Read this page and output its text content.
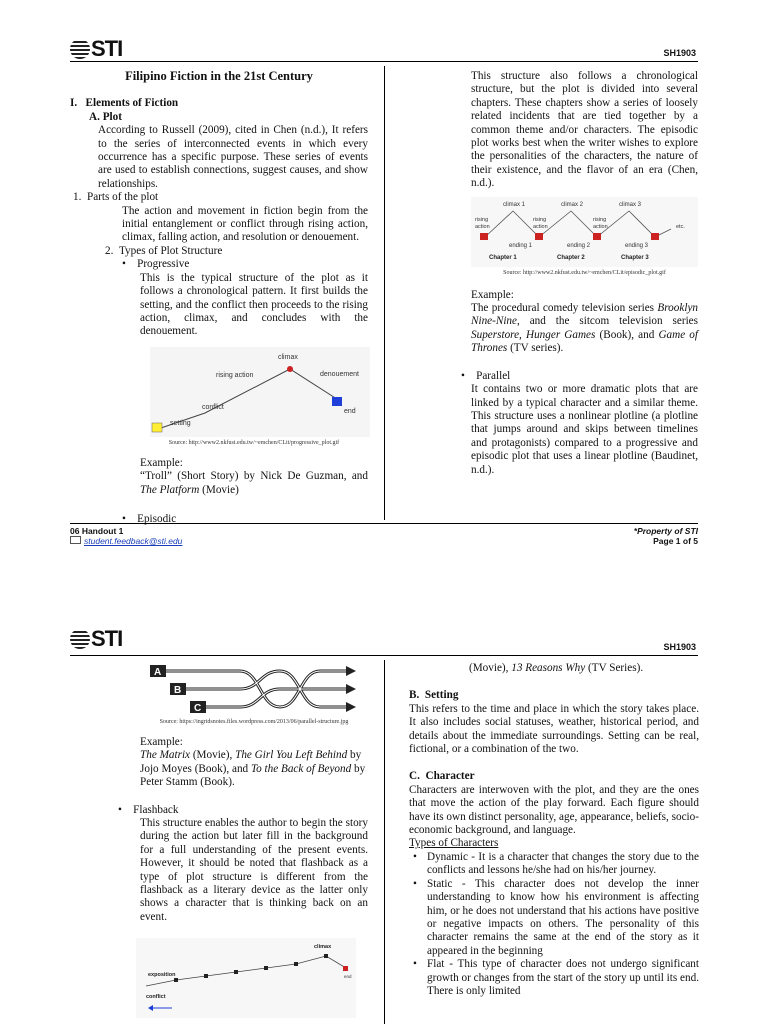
STI	SH1903

Filipino Fiction in the 21st Century

I. Elements of Fiction

A. Plot

According to Russell (2009), cited in Chen (n.d.), It refers to the series of interconnected events in which every occurrence has a specific purpose. These series of events are used to establish connections, suggest causes, and show relationships.

1. Parts of the plot

The action and movement in fiction begin from the initial entanglement or conflict through rising action, climax, falling action, and resolution or denouement.

2. Types of Plot Structure

• Progressive

This is the typical structure of the plot as it follows a chronological pattern. It first builds the setting, and the conflict then proceeds to the rising action, climax, and concludes with the denouement.

climax
rising action	denouement
end
conflict
setting

Source: http://www2.nkfust.edu.tw/~emchen/CLit/progressive_plot.gif

Example:

“Troll” (Short Story) by Nick De Guzman, and The Platform (Movie)

• Episodic

This structure also follows a chronological structure, but the plot is divided into several chapters. These chapters show a series of loosely related incidents that are tied together by a common theme and/or characters. The episodic plot works best when the writer wishes to explore the personalities of the characters, the nature of their existence, and the flavor of an era (Chen, n.d.).

climax 1	climax 2	climax 3
rising
action
rising
action
rising
action	etc.
ending 1	ending 2	ending 3
Chapter 1	Chapter 2	Chapter 3

Source: http://www2.nkfust.edu.tw/~emchen/CLit/episodic_plot.gif

Example:

The procedural comedy television series Brooklyn Nine-Nine, and the sitcom television series Superstore, Hunger Games (Book), and Game of Thrones (TV series).

• Parallel

It contains two or more dramatic plots that are linked by a typical character and a similar theme. This structure uses a nonlinear plotline (a plotline that jumps around and skips between timelines and protagonists) compared to a progressive and episodic plot that uses a linear plotline (Baudinet, n.d.).

06 Handout 1
student.feedback@sti.edu
*Property of STI
Page 1 of 5
STI	SH1903
A
B
C

Source: https://ingridsnotes.files.wordpress.com/2013/06/parallel-structure.jpg

Example:

The Matrix (Movie), The Girl You Left Behind by Jojo Moyes (Book), and To the Back of Beyond by Peter Stamm (Book).

• Flashback

This structure enables the author to begin the story during the action but later fill in the background for a full understanding of the present events. However, it should be noted that flashback as a type of plot structure is different from the flashback as a literary device as the latter only shows a character that is thinking back on an event.

climax
exposition
conflict
end

(Movie), 13 Reasons Why (TV Series).

B. Setting

This refers to the time and place in which the story takes place. It also includes social statuses, weather, historical period, and details about the immediate surroundings. Setting can be real, fictional, or a combination of the two.

C. Character

Characters are interwoven with the plot, and they are the ones that move the action of the play forward. Each figure should have its own distinct personality, age, appearance, beliefs, socio-economic background, and language.

Types of Characters

• Dynamic - It is a character that changes the story due to the conflicts and lessons he/she had on his/her journey.
• Static - This character does not develop the inner understanding to know how his environment is affecting him, or he does not understand that his actions have positive or negative impacts on others. The personality of this character remains the same at the end of the story as it appeared in the beginning
• Flat - This type of character does not undergo significant growth or changes from the start of the story up until its end. There is only limited
